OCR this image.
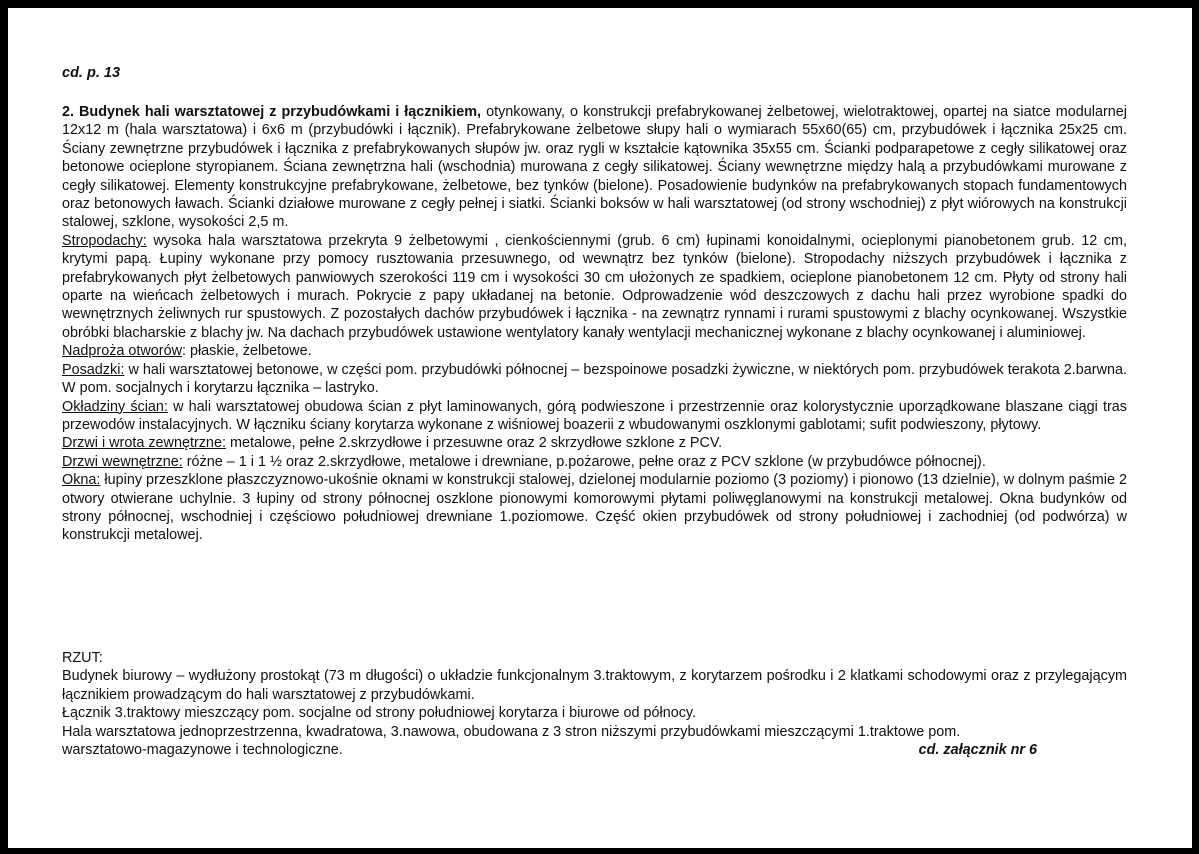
cd. p. 13

2. Budynek hali warsztatowej z przybudówkami i łącznikiem, otynkowany, o konstrukcji prefabrykowanej żelbetowej, wielotraktowej, opartej na siatce modularnej 12x12 m (hala warsztatowa) i 6x6 m (przybudówki i łącznik). Prefabrykowane żelbetowe słupy hali o wymiarach 55x60(65) cm, przybudówek i łącznika 25x25 cm. Ściany zewnętrzne przybudówek i łącznika z prefabrykowanych słupów jw. oraz rygli w kształcie kątownika 35x55 cm. Ścianki podparapetowe z cegły silikatowej oraz betonowe ocieplone styropianem. Ściana zewnętrzna hali (wschodnia) murowana z cegły silikatowej. Ściany wewnętrzne między halą a przybudówkami murowane z cegły silikatowej. Elementy konstrukcyjne prefabrykowane, żelbetowe, bez tynków (bielone). Posadowienie budynków na prefabrykowanych stopach fundamentowych oraz betonowych ławach. Ścianki działowe murowane z cegły pełnej i siatki. Ścianki boksów w hali warsztatowej (od strony wschodniej) z płyt wiórowych na konstrukcji stalowej, szklone, wysokości 2,5 m.

Stropodachy: wysoka hala warsztatowa przekryta 9 żelbetowymi , cienkościennymi (grub. 6 cm) łupinami konoidalnymi, ocieplonymi pianobetonem grub. 12 cm, krytymi papą. Łupiny wykonane przy pomocy rusztowania przesuwnego, od wewnątrz bez tynków (bielone). Stropodachy niższych przybudówek i łącznika z prefabrykowanych płyt żelbetowych panwiowych szerokości 119 cm i wysokości 30 cm ułożonych ze spadkiem, ocieplone pianobetonem 12 cm. Płyty od strony hali oparte na wieńcach żelbetowych i murach. Pokrycie z papy układanej na betonie. Odprowadzenie wód deszczowych z dachu hali przez wyrobione spadki do wewnętrznych żeliwnych rur spustowych. Z pozostałych dachów przybudówek i łącznika - na zewnątrz rynnami i rurami spustowymi z blachy ocynkowanej. Wszystkie obróbki blacharskie z blachy jw. Na dachach przybudówek ustawione wentylatory kanały wentylacji mechanicznej wykonane z blachy ocynkowanej i aluminiowej.

Nadproża otworów: płaskie, żelbetowe.

Posadzki: w hali warsztatowej betonowe, w części pom. przybudówki północnej – bezspoinowe posadzki żywiczne, w niektórych pom. przybudówek terakota 2.barwna. W pom. socjalnych i korytarzu łącznika – lastryko.

Okładziny ścian: w hali warsztatowej obudowa ścian z płyt laminowanych, górą podwieszone i przestrzennie oraz kolorystycznie uporządkowane blaszane ciągi tras przewodów instalacyjnych. W łączniku ściany korytarza wykonane z wiśniowej boazerii z wbudowanymi oszklonymi gablotami; sufit podwieszony, płytowy.

Drzwi i wrota zewnętrzne: metalowe, pełne 2.skrzydłowe i przesuwne oraz 2 skrzydłowe szklone z PCV.

Drzwi wewnętrzne: różne – 1 i 1 ½ oraz 2.skrzydłowe, metalowe i drewniane, p.pożarowe, pełne oraz z PCV szklone (w przybudówce północnej).

Okna: łupiny przeszklone płaszczyznowo-ukośnie oknami w konstrukcji stalowej, dzielonej modularnie poziomo (3 poziomy) i pionowo (13 dzielnie), w dolnym paśmie 2 otwory otwierane uchylnie. 3 łupiny od strony północnej oszklone pionowymi komorowymi płytami poliwęglanowymi na konstrukcji metalowej. Okna budynków od strony północnej, wschodniej i częściowo południowej drewniane 1.poziomowe. Część okien przybudówek od strony południowej i zachodniej (od podwórza) w konstrukcji metalowej.

RZUT:

Budynek biurowy – wydłużony prostokąt (73 m długości) o układzie funkcjonalnym 3.traktowym, z korytarzem pośrodku i 2 klatkami schodowymi oraz z przylegającym łącznikiem prowadzącym do hali warsztatowej z przybudówkami.

Łącznik 3.traktowy mieszczący pom. socjalne od strony południowej korytarza i biurowe od północy.

Hala warsztatowa jednoprzestrzenna, kwadratowa, 3.nawowa, obudowana z 3 stron niższymi przybudówkami mieszczącymi 1.traktowe pom.

warsztatowo-magazynowe i technologiczne.	cd. załącznik nr 6
